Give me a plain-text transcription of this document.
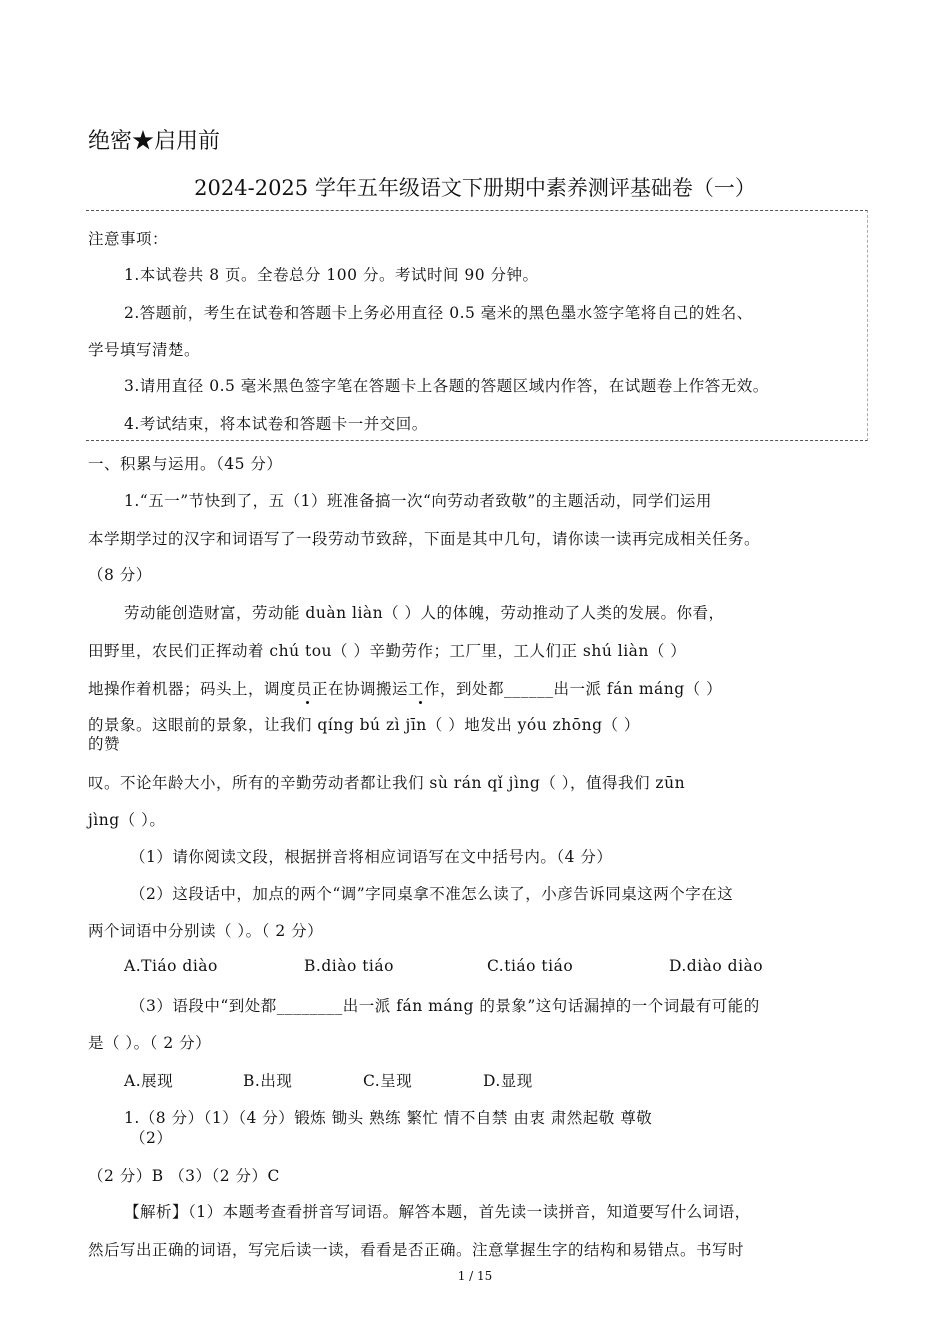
绝密★启用前
2024-2025 学年五年级语文下册期中素养测评基础卷（一）
注意事项：
1.本试卷共 8 页。全卷总分 100 分。考试时间 90 分钟。
2.答题前，考生在试卷和答题卡上务必用直径 0.5 毫米的黑色墨水签字笔将自己的姓名、
学号填写清楚。
3.请用直径 0.5 毫米黑色签字笔在答题卡上各题的答题区域内作答，在试题卷上作答无效。
4.考试结束，将本试卷和答题卡一并交回。
一、积累与运用。（45 分）
1.“五一”节快到了，五（1）班准备搞一次“向劳动者致敬”的主题活动，同学们运用
本学期学过的汉字和词语写了一段劳动节致辞，下面是其中几句，请你读一读再完成相关任务。
（8 分）
劳动能创造财富，劳动能 duàn liàn（ ）人的体魄，劳动推动了人类的发展。你看，
田野里，农民们正挥动着 chú tou（ ）辛勤劳作；工厂里，工人们正 shú liàn（ ）
地操作着机器；码头上，调度员正在协调搬运工作，到处都______出一派 fán máng（ ）
的景象。这眼前的景象，让我们 qíng bú zì jīn（ ）地发出 yóu zhōng（ ）
的赞
叹。不论年龄大小，所有的辛勤劳动者都让我们 sù rán qǐ jìng（ ），值得我们 zūn
jìng（ ）。
（1）请你阅读文段，根据拼音将相应词语写在文中括号内。（4 分）
（2）这段话中，加点的两个“调”字同桌拿不准怎么读了，小彦告诉同桌这两个字在这
两个词语中分别读（ ）。（ 2 分）
A.Tiáo diào	B.diào tiáo	C.tiáo tiáo	D.diào diào
（3）语段中“到处都________出一派 fán máng 的景象”这句话漏掉的一个词最有可能的
是（ ）。（ 2 分）
A.展现	B.出现	C.呈现	D.显现
1.（8 分）（1）（4 分）锻炼 锄头 熟练 繁忙 情不自禁 由衷 肃然起敬 尊敬
（2）
（2 分）B （3）（2 分）C
【解析】（1）本题考查看拼音写词语。解答本题，首先读一读拼音，知道要写什么词语，
然后写出正确的词语，写完后读一读，看看是否正确。注意掌握生字的结构和易错点。书写时
1 / 15
